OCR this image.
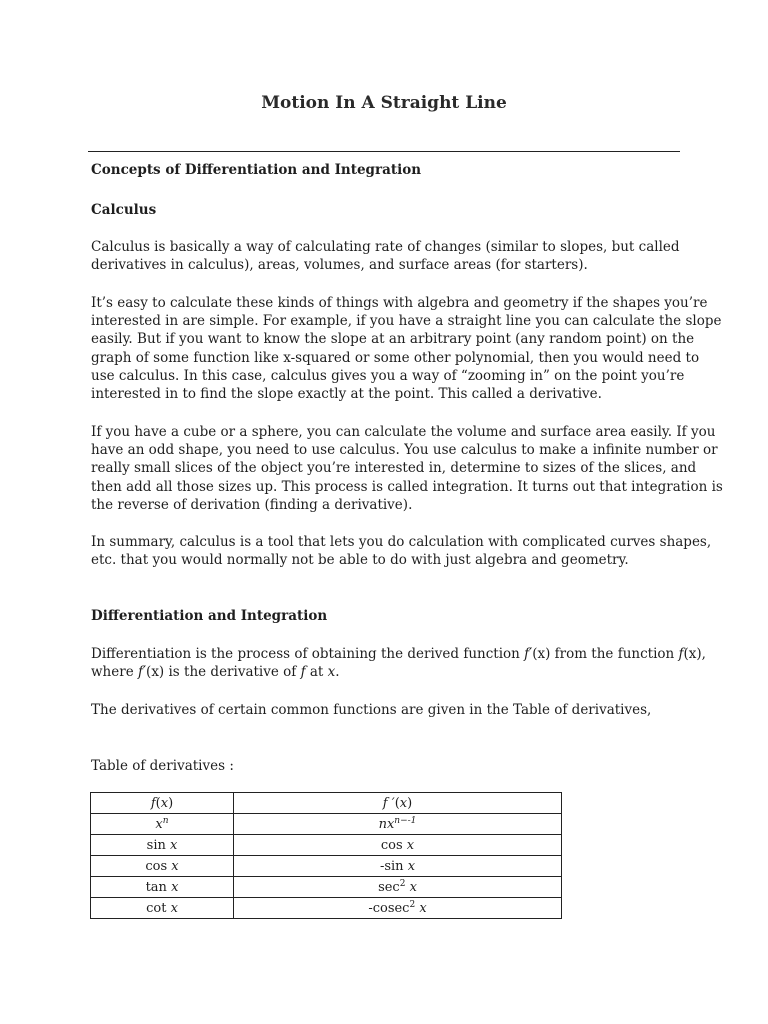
Motion In A Straight Line

Concepts of Differentiation and Integration

Calculus

Calculus is basically a way of calculating rate of changes (similar to slopes, but called
derivatives in calculus), areas, volumes, and surface areas (for starters).
It’s easy to calculate these kinds of things with algebra and geometry if the shapes you’re
interested in are simple. For example, if you have a straight line you can calculate the slope
easily. But if you want to know the slope at an arbitrary point (any random point) on the
graph of some function like x-squared or some other polynomial, then you would need to
use calculus. In this case, calculus gives you a way of “zooming in” on the point you’re
interested in to find the slope exactly at the point. This called a derivative.
If you have a cube or a sphere, you can calculate the volume and surface area easily. If you
have an odd shape, you need to use calculus. You use calculus to make a infinite number or
really small slices of the object you’re interested in, determine to sizes of the slices, and
then add all those sizes up. This process is called integration. It turns out that integration is
the reverse of derivation (finding a derivative).
In summary, calculus is a tool that lets you do calculation with complicated curves shapes,
etc. that you would normally not be able to do with just algebra and geometry.

Differentiation and Integration

Differentiation is the process of obtaining the derived function f′(x) from the function f(x),
where f′(x) is the derivative of f at x.

The derivatives of certain common functions are given in the Table of derivatives,

Table of derivatives :

f(x)	f ′(x)
$x^n$	$nx^{n--1}$
sin x	cos x
cos x	-sin x
tan x	$\sec^2 x$
cot x	-cosec$^2$ x
